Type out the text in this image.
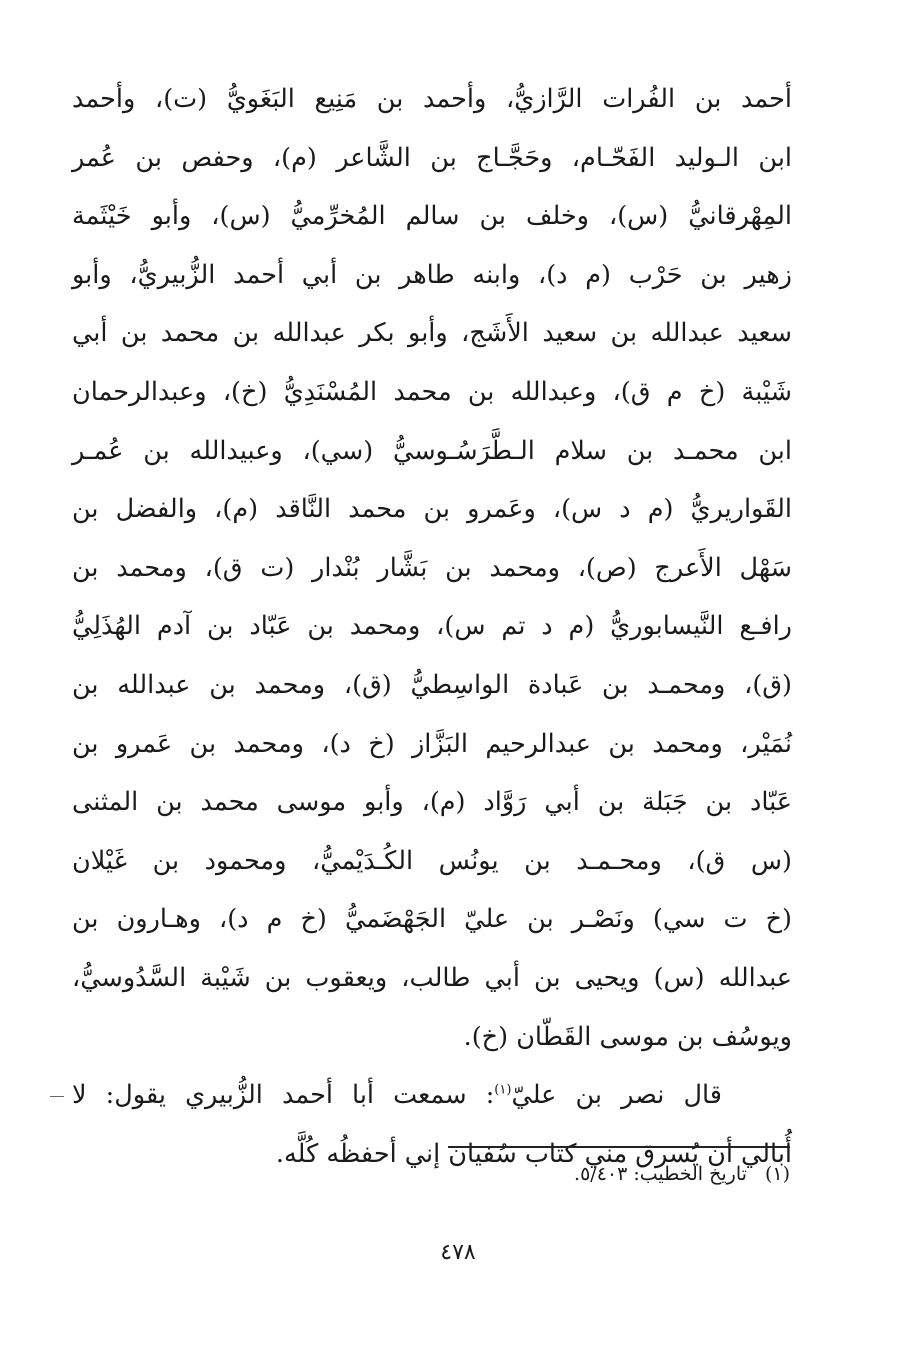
أحمد بن الفُرات الرَّازيُّ، وأحمد بن مَنِيع البَغَويُّ (ت)، وأحمد
ابن الـوليد الفَحّـام، وحَجَّـاج بن الشَّاعر (م)، وحفص بن عُمر
المِهْرقانيُّ (س)، وخلف بن سالم المُخرِّميُّ (س)، وأبو خَيْثَمة
زهير بن حَرْب (م د)، وابنه طاهر بن أبي أحمد الزُّبيريُّ، وأبو
سعيد عبدالله بن سعيد الأَشَج، وأبو بكر عبدالله بن محمد بن أبي
شَيْبة (خ م ق)، وعبدالله بن محمد المُسْنَدِيُّ (خ)، وعبدالرحمان
ابن محمـد بن سلام الـطَّرَسُـوسيُّ (سي)، وعبيدالله بن عُمـر
القَواريريُّ (م د س)، وعَمرو بن محمد النَّاقد (م)، والفضل بن
سَهْل الأَعرج (ص)، ومحمد بن بَشَّار بُنْدار (ت ق)، ومحمد بن
رافـع النَّيسابوريُّ (م د تم س)، ومحمد بن عَبّاد بن آدم الهُذَلِيُّ
(ق)، ومحمـد بن عَبادة الواسِطيُّ (ق)، ومحمد بن عبدالله بن
نُمَيْر، ومحمد بن عبدالرحيم البَزَّاز (خ د)، ومحمد بن عَمرو بن
عَبّاد بن جَبَلة بن أبي رَوَّاد (م)، وأبو موسى محمد بن المثنى
(س ق)، ومحـمـد بن يونُس الكُـدَيْميُّ، ومحمود بن غَيْلان
(خ ت سي) ونَصْـر بن عليّ الجَهْضَميُّ (خ م د)، وهـارون بن
عبدالله (س) ويحيى بن أبي طالب، ويعقوب بن شَيْبة السَّدُوسيُّ،
ويوسُف بن موسى القَطّان (خ).
قال نصر بن عليّ$^{(١)}$: سمعت أبا أحمد الزُّبيري يقول: لا
أُبالي أن يُسرق مني كتاب سُفيان إني أحفظُه كُلَّه.
(١)تاريخ الخطيب: ٥/٤٠٣.
٤٧٨
